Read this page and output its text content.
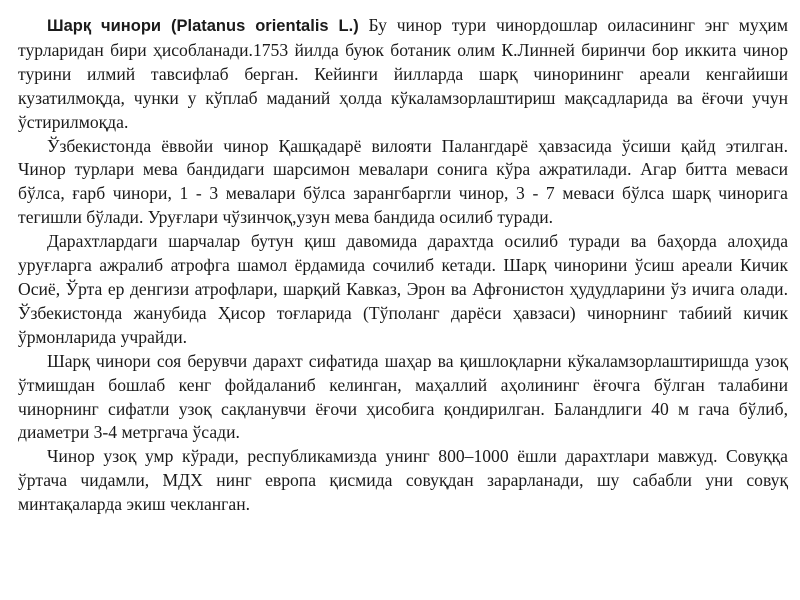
Шарқ чинори (Platanus orientalis L.) Бу чинор тури чинордошлар оиласининг энг муҳим турларидан бири ҳисобланади.1753 йилда буюк ботаник олим К.Линней биринчи бор иккита чинор турини илмий тавсифлаб берган. Кейинги йилларда шарқ чинорининг ареали кенгайиши кузатилмоқда, чунки у кўплаб маданий ҳолда кўкаламзорлаштириш мақсадларида ва ёғочи учун ўстирилмоқда.

Ўзбекистонда ёввойи чинор Қашқадарё вилояти Палангдарё ҳавзасида ўсиши қайд этилган. Чинор турлари мева бандидаги шарсимон мевалари сонига кўра ажратилади. Агар битта меваси бўлса, ғарб чинори, 1 - 3 мевалари бўлса зарангбаргли чинор, 3 - 7 меваси бўлса шарқ чинорига тегишли бўлади. Уруғлари чўзинчоқ,узун мева бандида осилиб туради.

Дарахтлардаги шарчалар бутун қиш давомида дарахтда осилиб туради ва баҳорда алоҳида уруғларга ажралиб атрофга шамол ёрдамида сочилиб кетади. Шарқ чинорини ўсиш ареали Кичик Осиё, Ўрта ер денгизи атрофлари, шарқий Кавказ, Эрон ва Афғонистон ҳудудларини ўз ичига олади. Ўзбекистонда жанубида Ҳисор тоғларида (Тўполанг дарёси ҳавзаси) чинорнинг табиий кичик ўрмонларида учрайди.

Шарқ чинори соя берувчи дарахт сифатида шаҳар ва қишлоқларни кўкаламзорлаштиришда узоқ ўтмишдан бошлаб кенг фойдаланиб келинган, маҳаллий аҳолининг ёғочга бўлган талабини чинорнинг сифатли узоқ сақланувчи ёғочи ҳисобига қондирилган. Баландлиги 40 м гача бўлиб, диаметри 3-4 метргача ўсади.

Чинор узоқ умр кўради, республикамизда унинг 800–1000 ёшли дарахтлари мавжуд. Совуққа ўртача чидамли, МДХ нинг европа қисмида совуқдан зарарланади, шу сабабли уни совуқ минтақаларда экиш чекланган.
